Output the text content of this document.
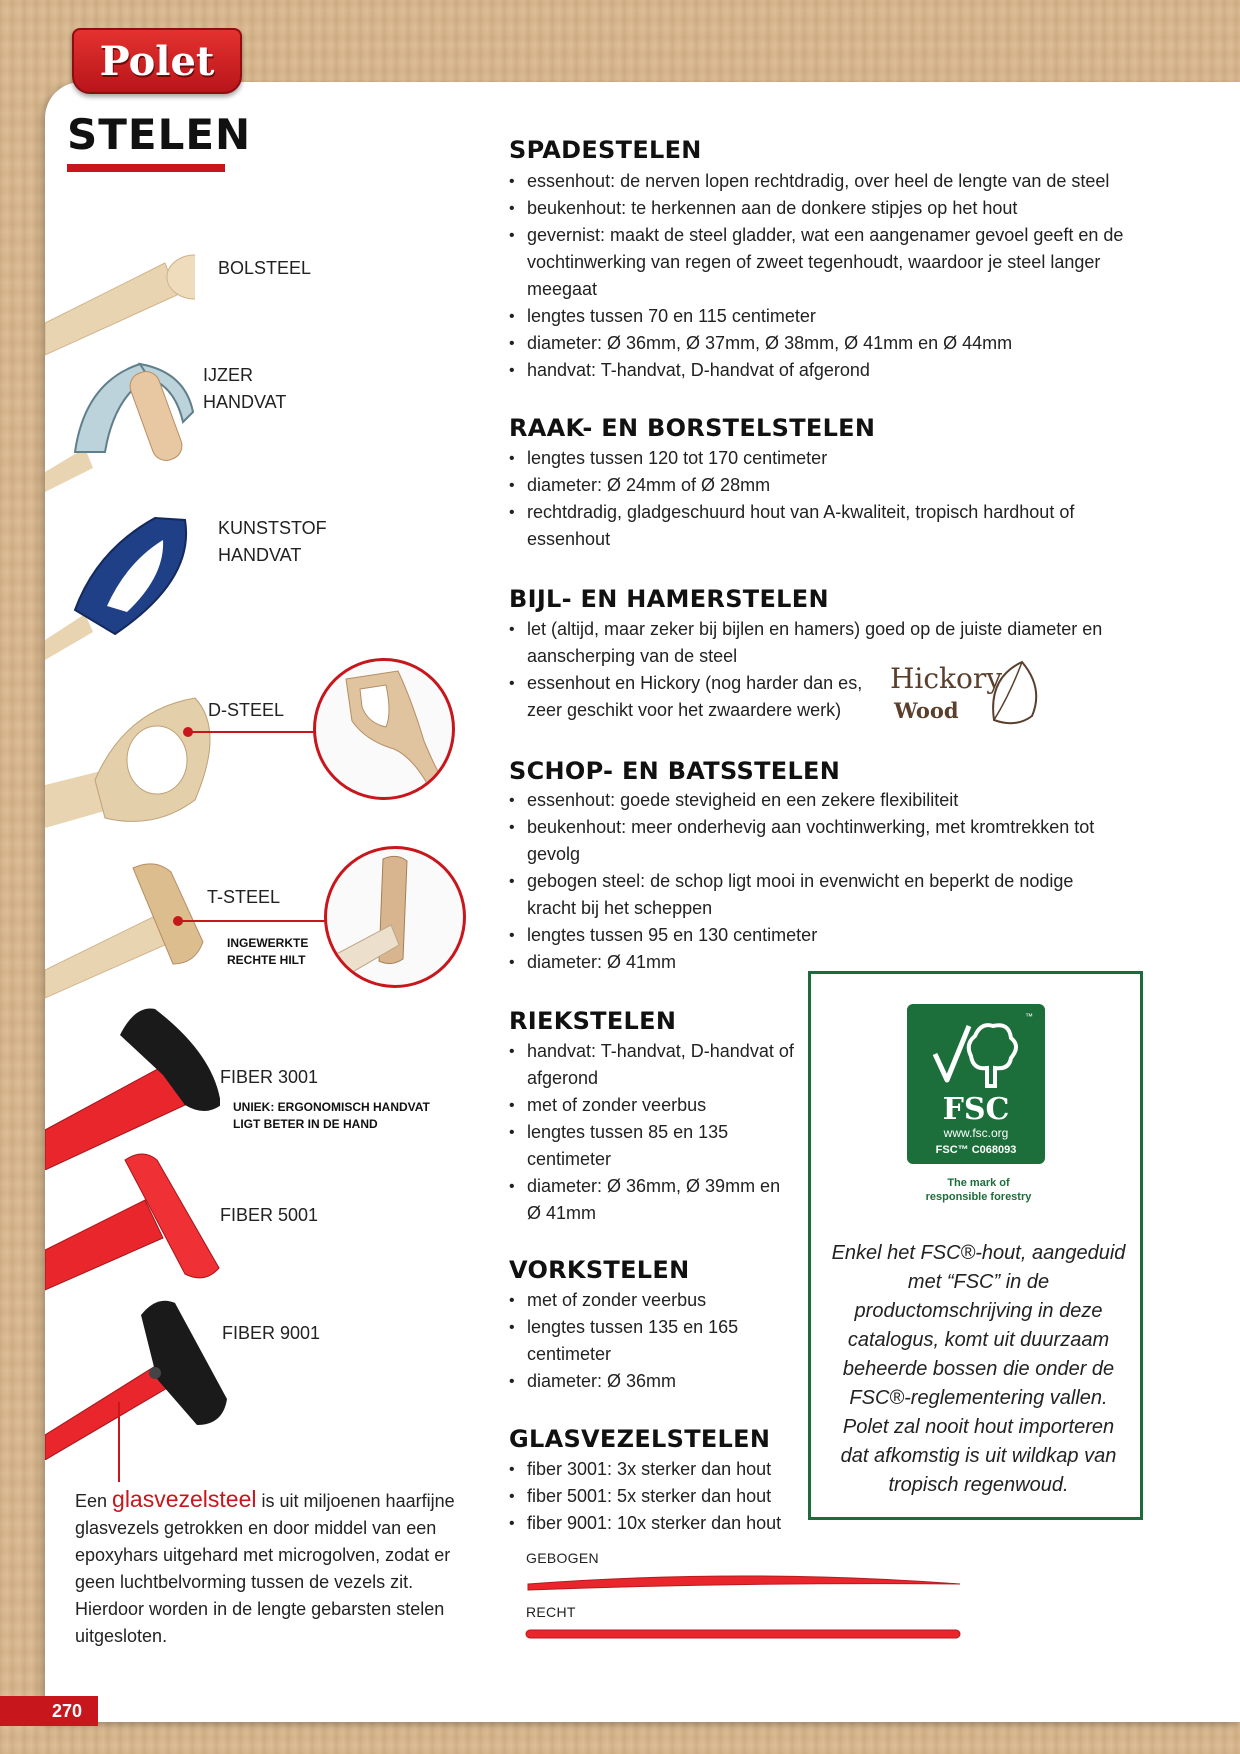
Polet
STELEN
BOLSTEEL
IJZER
HANDVAT
KUNSTSTOF
HANDVAT
D-STEEL
T-STEEL
INGEWERKTE
RECHTE HILT
FIBER 3001
UNIEK: ERGONOMISCH HANDVAT
LIGT BETER IN DE HAND
FIBER 5001
FIBER 9001
Een glasvezelsteel is uit miljoenen haarfijne glasvezels getrokken en door middel van een epoxyhars uitgehard met microgolven, zodat er geen luchtbelvorming tussen de vezels zit. Hierdoor worden in de lengte gebarsten stelen uitgesloten.
SPADESTELEN
• essenhout: de nerven lopen rechtdradig, over heel de lengte van de steel
• beukenhout: te herkennen aan de donkere stipjes op het hout
• gevernist: maakt de steel gladder, wat een aangenamer gevoel geeft en de vochtinwerking van regen of zweet tegenhoudt, waardoor je steel langer meegaat
• lengtes tussen 70 en 115 centimeter
• diameter: Ø 36mm, Ø 37mm, Ø 38mm, Ø 41mm en Ø 44mm
• handvat: T-handvat, D-handvat of afgerond
RAAK- EN BORSTELSTELEN
• lengtes tussen 120 tot 170 centimeter
• diameter: Ø 24mm of Ø 28mm
• rechtdradig, gladgeschuurd hout van A-kwaliteit, tropisch hardhout of essenhout
BIJL- EN HAMERSTELEN
• let (altijd, maar zeker bij bijlen en hamers) goed op de juiste diameter en aanscherping van de steel
• essenhout en Hickory (nog harder dan es, zeer geschikt voor het zwaardere werk)
Hickory
Wood
SCHOP- EN BATSSTELEN
• essenhout: goede stevigheid en een zekere flexibiliteit
• beukenhout: meer onderhevig aan vochtinwerking, met kromtrekken tot gevolg
• gebogen steel: de schop ligt mooi in evenwicht en beperkt de nodige kracht bij het scheppen
• lengtes tussen 95 en 130 centimeter
• diameter: Ø 41mm
RIEKSTELEN
• handvat: T-handvat, D-handvat of afgerond
• met of zonder veerbus
• lengtes tussen 85 en 135 centimeter
• diameter: Ø 36mm, Ø 39mm en Ø 41mm
VORKSTELEN
• met of zonder veerbus
• lengtes tussen 135 en 165 centimeter
• diameter: Ø 36mm
GLASVEZELSTELEN
• fiber 3001: 3x sterker dan hout
• fiber 5001: 5x sterker dan hout
• fiber 9001: 10x sterker dan hout
GEBOGEN
RECHT
™
FSC
www.fsc.org
FSC™ C068093
The mark of
responsible forestry
Enkel het FSC®-hout, aangeduid met “FSC” in de productomschrijving in deze catalogus, komt uit duurzaam beheerde bossen die onder de FSC®-reglementering vallen. Polet zal nooit hout importeren dat afkomstig is uit wildkap van tropisch regenwoud.
270
